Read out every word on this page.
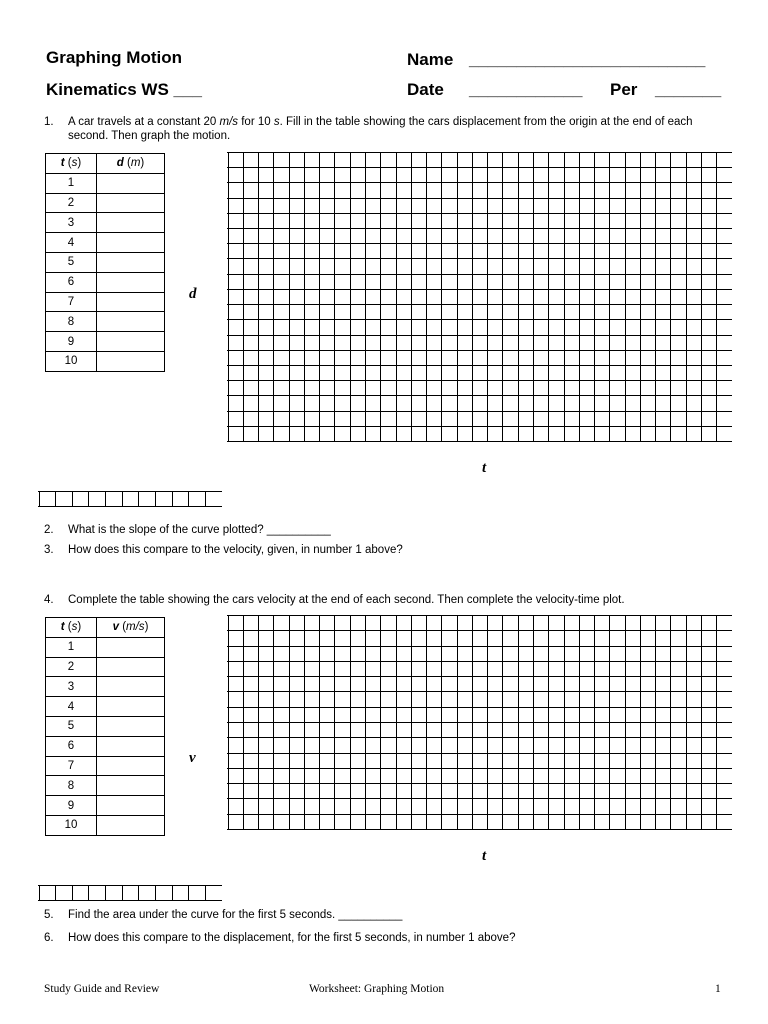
Graphing Motion	Name _________________________
Kinematics WS ___	Date ____________ Per _______
1. A car travels at a constant 20 m/s for 10 s. Fill in the table showing the cars displacement from the origin at the end of each second. Then graph the motion.
t (s)	d (m)
1	
2	
3	
4	
5	
6	
7	
8	
9	
10	
d
t
2. What is the slope of the curve plotted? __________
3. How does this compare to the velocity, given, in number 1 above?
4. Complete the table showing the cars velocity at the end of each second. Then complete the velocity-time plot.
t (s)	v (m/s)
1	
2	
3	
4	
5	
6	
7	
8	
9	
10	
v
t
5. Find the area under the curve for the first 5 seconds. __________
6. How does this compare to the displacement, for the first 5 seconds, in number 1 above?
Study Guide and Review	Worksheet: Graphing Motion	1
